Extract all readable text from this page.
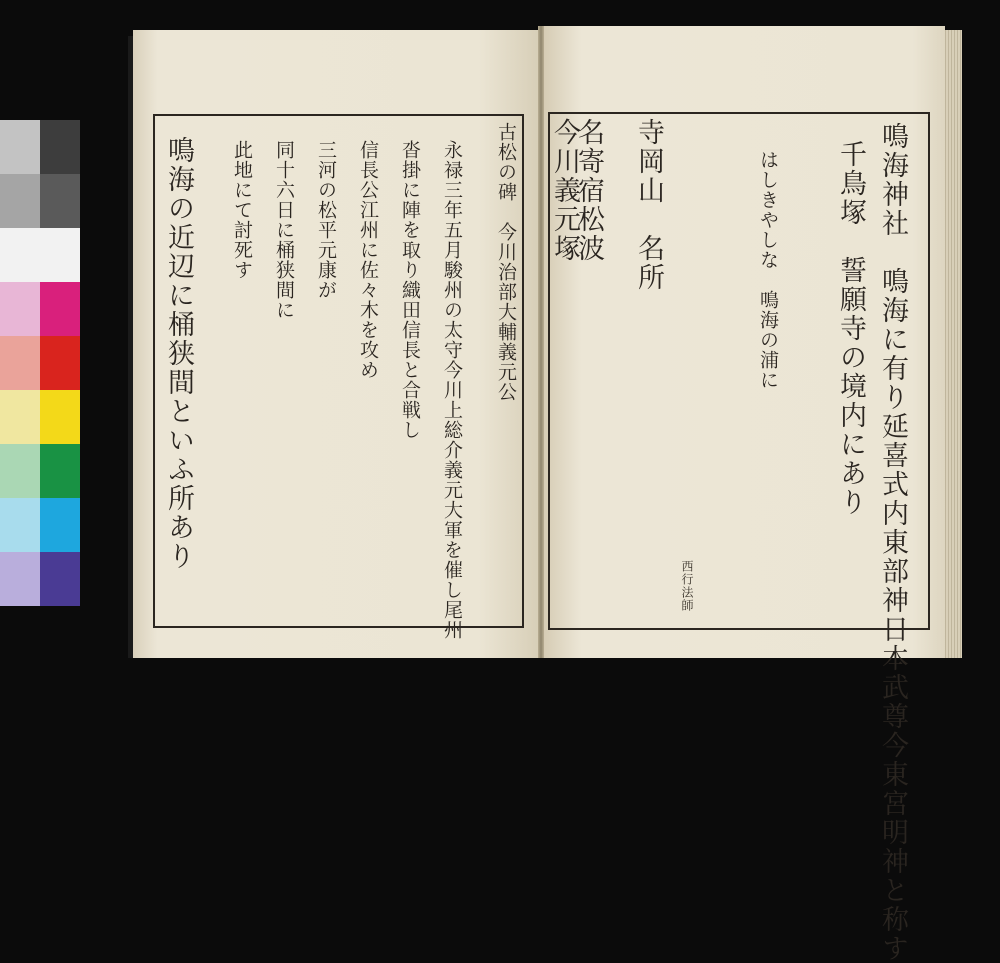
鳴海神社　鳴海に有り延喜式内東部神日本武尊今東宮明神と称す
千鳥塚　誓願寺の境内にあり
はしきやしな　鳴海の浦に
寺岡山　名所
名寄宿松波
今川義元塚
西行法師
古松の碑　今川治部大輔義元公
永禄三年五月駿州の太守今川上総介義元大軍を催し尾州
沓掛に陣を取り織田信長と合戦し
信長公江州に佐々木を攻め
三河の松平元康が
同十六日に桶狭間に
此地にて討死す
鳴海の近辺に桶狭間といふ所あり
